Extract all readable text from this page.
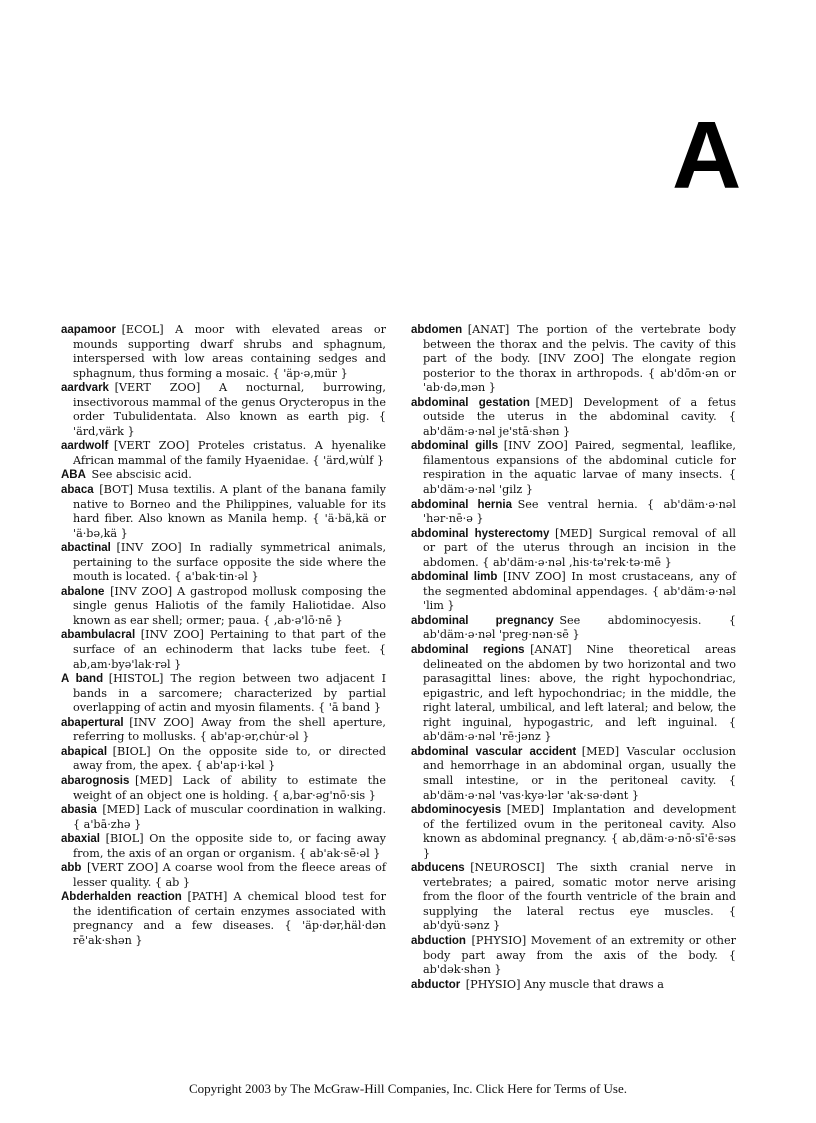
A

aapamoor  [ECOL] A moor with elevated areas or mounds supporting dwarf shrubs and sphagnum, interspersed with low areas containing sedges and sphagnum, thus forming a mosaic. { 'äp·ə,mür }

aardvark  [VERT ZOO] A nocturnal, burrowing, insectivorous mammal of the genus Orycteropus in the order Tubulidentata. Also known as earth pig. { 'ärd,värk }

aardwolf  [VERT ZOO] Proteles cristatus. A hyenalike African mammal of the family Hyaenidae. { 'ärd,wu̇lf }

ABA  See abscisic acid.

abaca  [BOT] Musa textilis. A plant of the banana family native to Borneo and the Philippines, valuable for its hard fiber. Also known as Manila hemp. { 'ä·bä,kä or 'ä·bə,kä }

abactinal  [INV ZOO] In radially symmetrical animals, pertaining to the surface opposite the side where the mouth is located. { a'bak·tin·əl }

abalone  [INV ZOO] A gastropod mollusk composing the single genus Haliotis of the family Haliotidae. Also known as ear shell; ormer; paua. { ,ab·ə'lō·nē }

abambulacral  [INV ZOO] Pertaining to that part of the surface of an echinoderm that lacks tube feet. { ab,am·byə'lak·rəl }

A band  [HISTOL] The region between two adjacent I bands in a sarcomere; characterized by partial overlapping of actin and myosin filaments. { 'ā band }

abapertural  [INV ZOO] Away from the shell aperture, referring to mollusks. { ab'ap·ər,chu̇r·əl }

abapical  [BIOL] On the opposite side to, or directed away from, the apex. { ab'ap·i·kəl }

abarognosis  [MED] Lack of ability to estimate the weight of an object one is holding. { a,bar·əg'nō·sis }

abasia  [MED] Lack of muscular coordination in walking. { a'bā·zhə }

abaxial  [BIOL] On the opposite side to, or facing away from, the axis of an organ or organism. { ab'ak·sē·əl }

abb  [VERT ZOO] A coarse wool from the fleece areas of lesser quality. { ab }

Abderhalden reaction  [PATH] A chemical blood test for the identification of certain enzymes associated with pregnancy and a few diseases. { 'äp·dər,häl·dən rē'ak·shən }

abdomen  [ANAT] The portion of the vertebrate body between the thorax and the pelvis. The cavity of this part of the body. [INV ZOO] The elongate region posterior to the thorax in arthropods. { ab'dōm·ən or 'ab·də,mən }

abdominal gestation  [MED] Development of a fetus outside the uterus in the abdominal cavity. { ab'däm·ə·nəl je'stā·shən }

abdominal gills  [INV ZOO] Paired, segmental, leaflike, filamentous expansions of the abdominal cuticle for respiration in the aquatic larvae of many insects. { ab'däm·ə·nəl 'gilz }

abdominal hernia  See ventral hernia. { ab'däm·ə·nəl 'hər·nē·ə }

abdominal hysterectomy  [MED] Surgical removal of all or part of the uterus through an incision in the abdomen. { ab'däm·ə·nəl ,his·tə'rek·tə·mē }

abdominal limb  [INV ZOO] In most crustaceans, any of the segmented abdominal appendages. { ab'däm·ə·nəl 'lim }

abdominal pregnancy  See abdominocyesis. { ab'däm·ə·nəl 'preg·nən·sē }

abdominal regions  [ANAT] Nine theoretical areas delineated on the abdomen by two horizontal and two parasagittal lines: above, the right hypochondriac, epigastric, and left hypochondriac; in the middle, the right lateral, umbilical, and left lateral; and below, the right inguinal, hypogastric, and left inguinal. { ab'däm·ə·nəl 'rē·jənz }

abdominal vascular accident  [MED] Vascular occlusion and hemorrhage in an abdominal organ, usually the small intestine, or in the peritoneal cavity. { ab'däm·ə·nəl 'vas·kyə·lər 'ak·sə·dənt }

abdominocyesis  [MED] Implantation and development of the fertilized ovum in the peritoneal cavity. Also known as abdominal pregnancy. { ab,däm·ə·nō·sī'ē·səs }

abducens  [NEUROSCI] The sixth cranial nerve in vertebrates; a paired, somatic motor nerve arising from the floor of the fourth ventricle of the brain and supplying the lateral rectus eye muscles. { ab'dyü·sənz }

abduction  [PHYSIO] Movement of an extremity or other body part away from the axis of the body. { ab'dək·shən }

abductor  [PHYSIO] Any muscle that draws a

Copyright 2003 by The McGraw-Hill Companies, Inc. Click Here for Terms of Use.
